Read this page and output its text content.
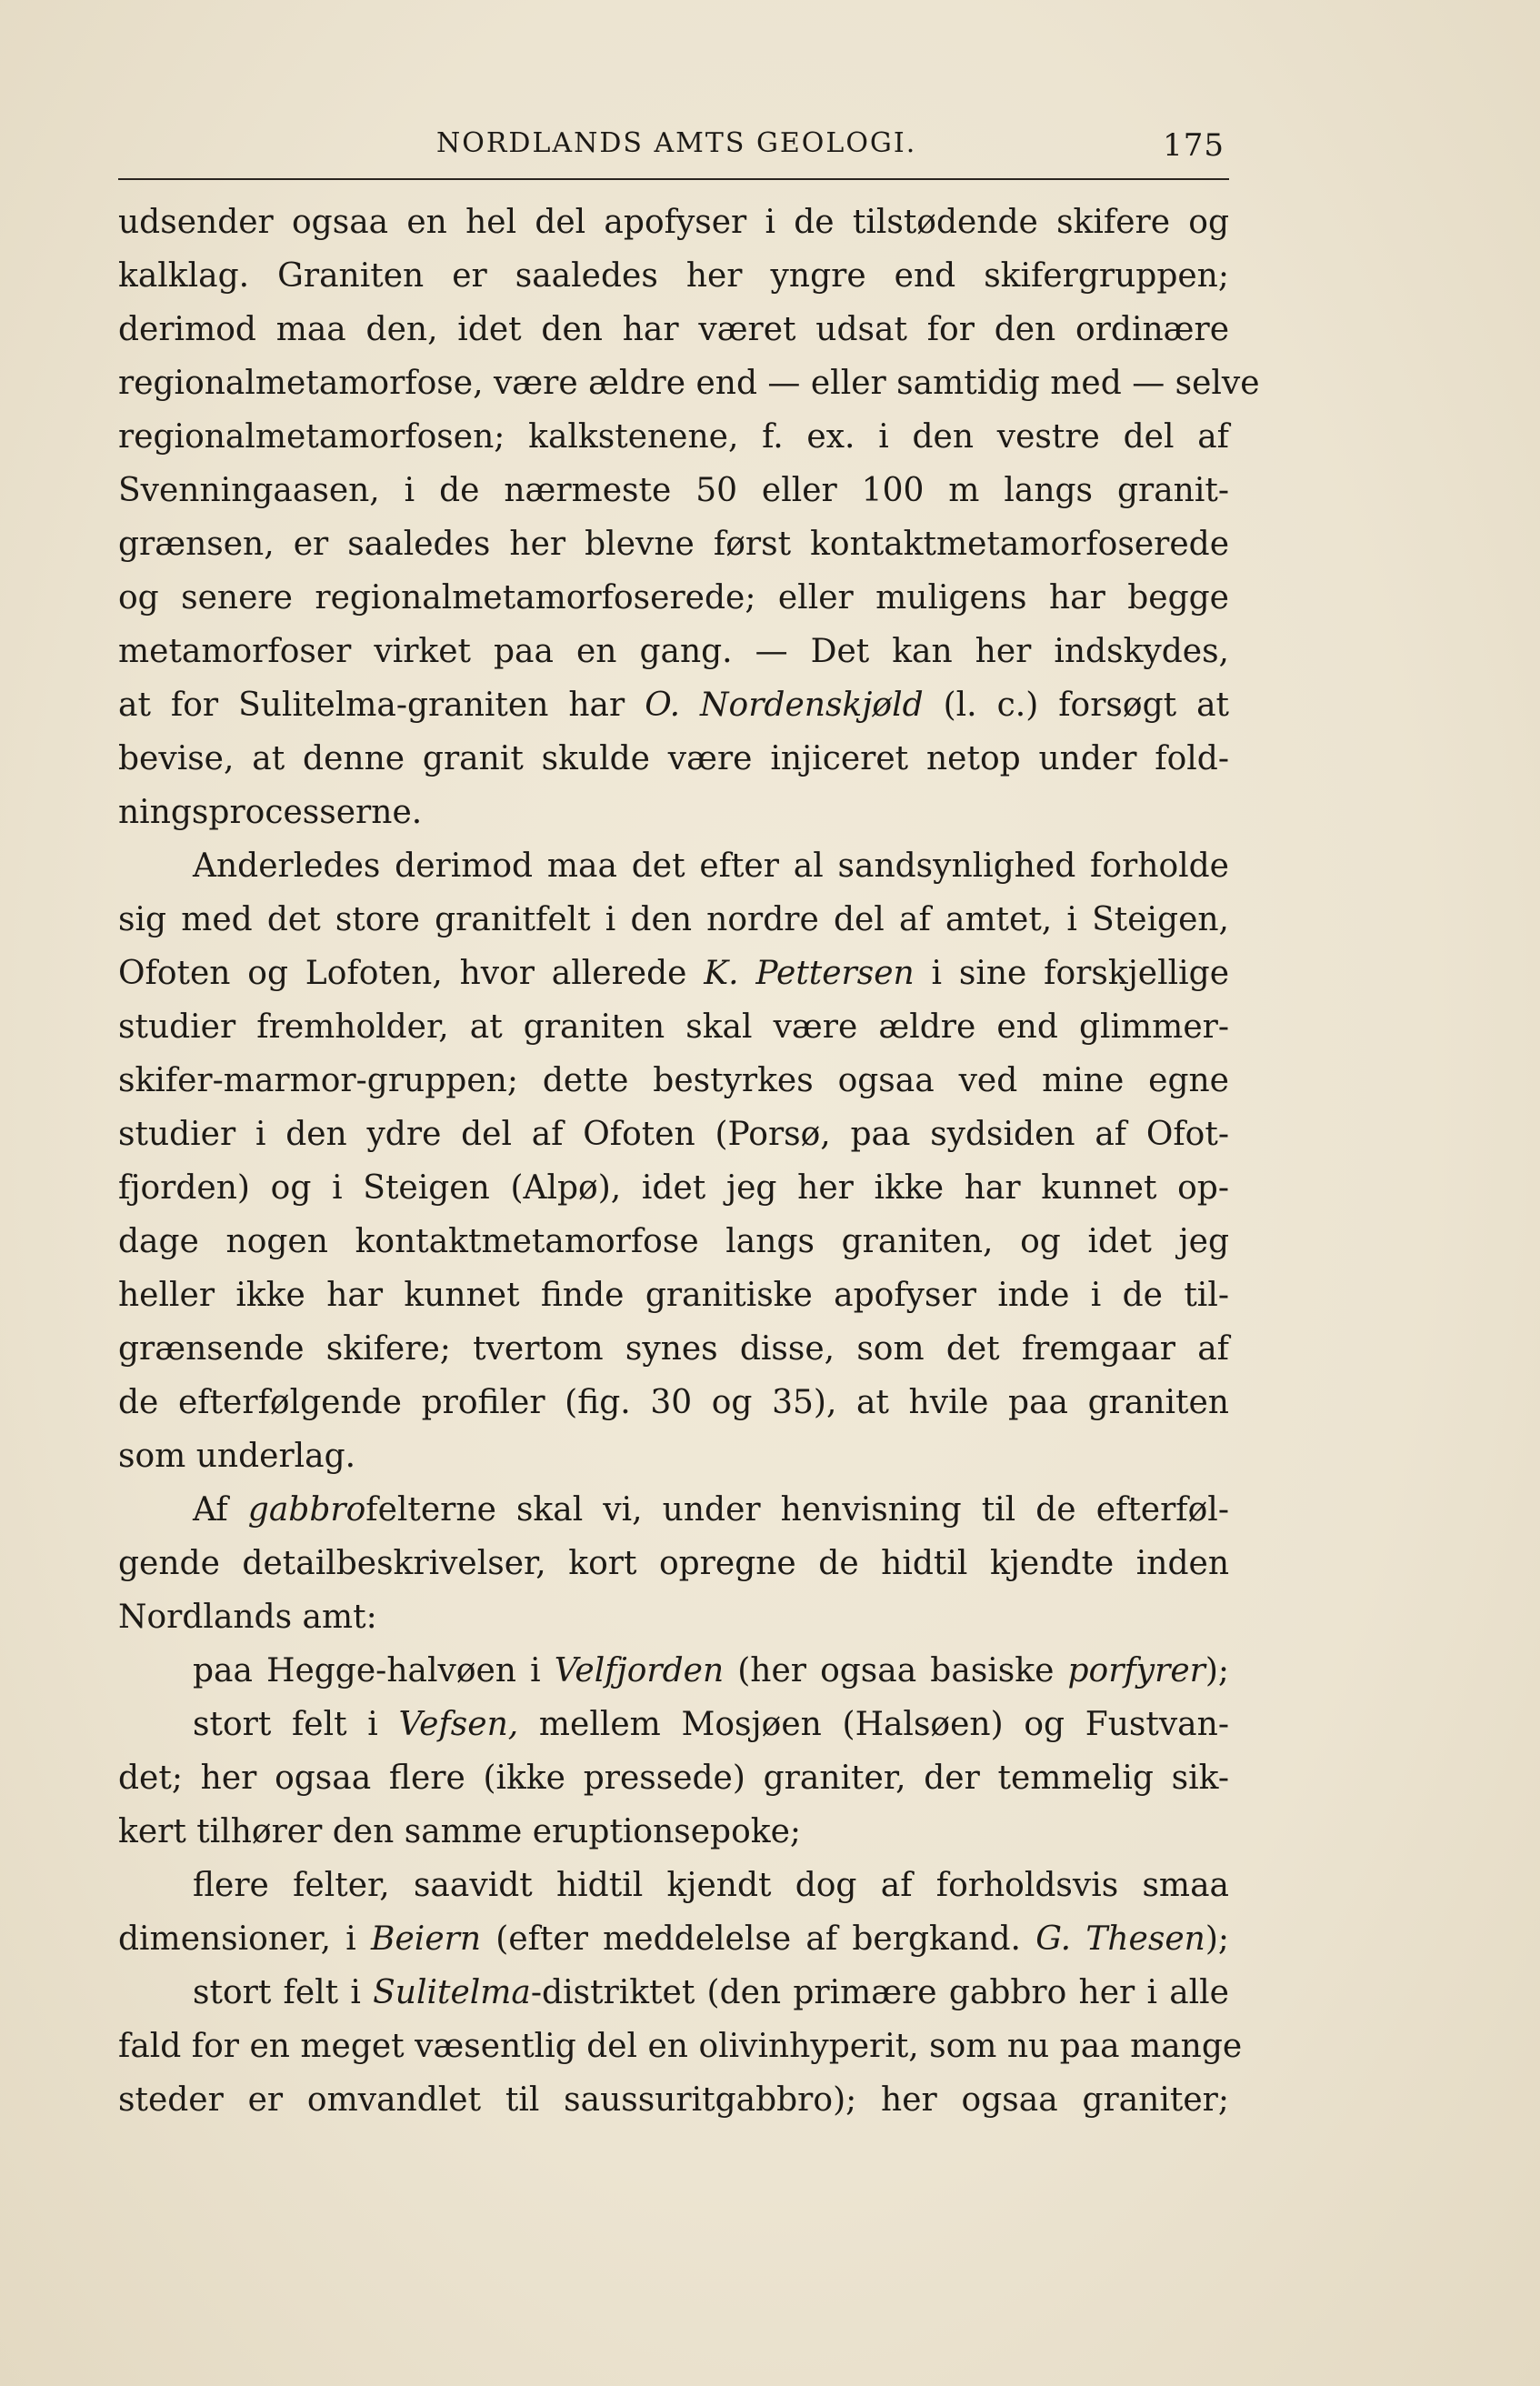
NORDLANDS AMTS GEOLOGI.	175
udsender ogsaa en hel del apofyser i de tilstødende skifere og
kalklag. Graniten er saaledes her yngre end skifergruppen;
derimod maa den, idet den har været udsat for den ordinære
regionalmetamorfose, være ældre end — eller samtidig med — selve
regionalmetamorfosen; kalkstenene, f. ex. i den vestre del af
Svenningaasen, i de nærmeste 50 eller 100 m langs granit-
grænsen, er saaledes her blevne først kontaktmetamorfoserede
og senere regionalmetamorfoserede; eller muligens har begge
metamorfoser virket paa en gang. — Det kan her indskydes,
at for Sulitelma-graniten har O. Nordenskjøld (l. c.) forsøgt at
bevise, at denne granit skulde være injiceret netop under fold-
ningsprocesserne.
Anderledes derimod maa det efter al sandsynlighed forholde
sig med det store granitfelt i den nordre del af amtet, i Steigen,
Ofoten og Lofoten, hvor allerede K. Pettersen i sine forskjellige
studier fremholder, at graniten skal være ældre end glimmer-
skifer-marmor-gruppen; dette bestyrkes ogsaa ved mine egne
studier i den ydre del af Ofoten (Porsø, paa sydsiden af Ofot-
fjorden) og i Steigen (Alpø), idet jeg her ikke har kunnet op-
dage nogen kontaktmetamorfose langs graniten, og idet jeg
heller ikke har kunnet finde granitiske apofyser inde i de til-
grænsende skifere; tvertom synes disse, som det fremgaar af
de efterfølgende profiler (fig. 30 og 35), at hvile paa graniten
som underlag.
Af gabbrofelterne skal vi, under henvisning til de efterføl-
gende detailbeskrivelser, kort opregne de hidtil kjendte inden
Nordlands amt:
paa Hegge-halvøen i Velfjorden (her ogsaa basiske porfyrer);
stort felt i Vefsen, mellem Mosjøen (Halsøen) og Fustvan-
det; her ogsaa flere (ikke pressede) graniter, der temmelig sik-
kert tilhører den samme eruptionsepoke;
flere felter, saavidt hidtil kjendt dog af forholdsvis smaa
dimensioner, i Beiern (efter meddelelse af bergkand. G. Thesen);
stort felt i Sulitelma-distriktet (den primære gabbro her i alle
fald for en meget væsentlig del en olivinhyperit, som nu paa mange
steder er omvandlet til saussuritgabbro); her ogsaa graniter;
